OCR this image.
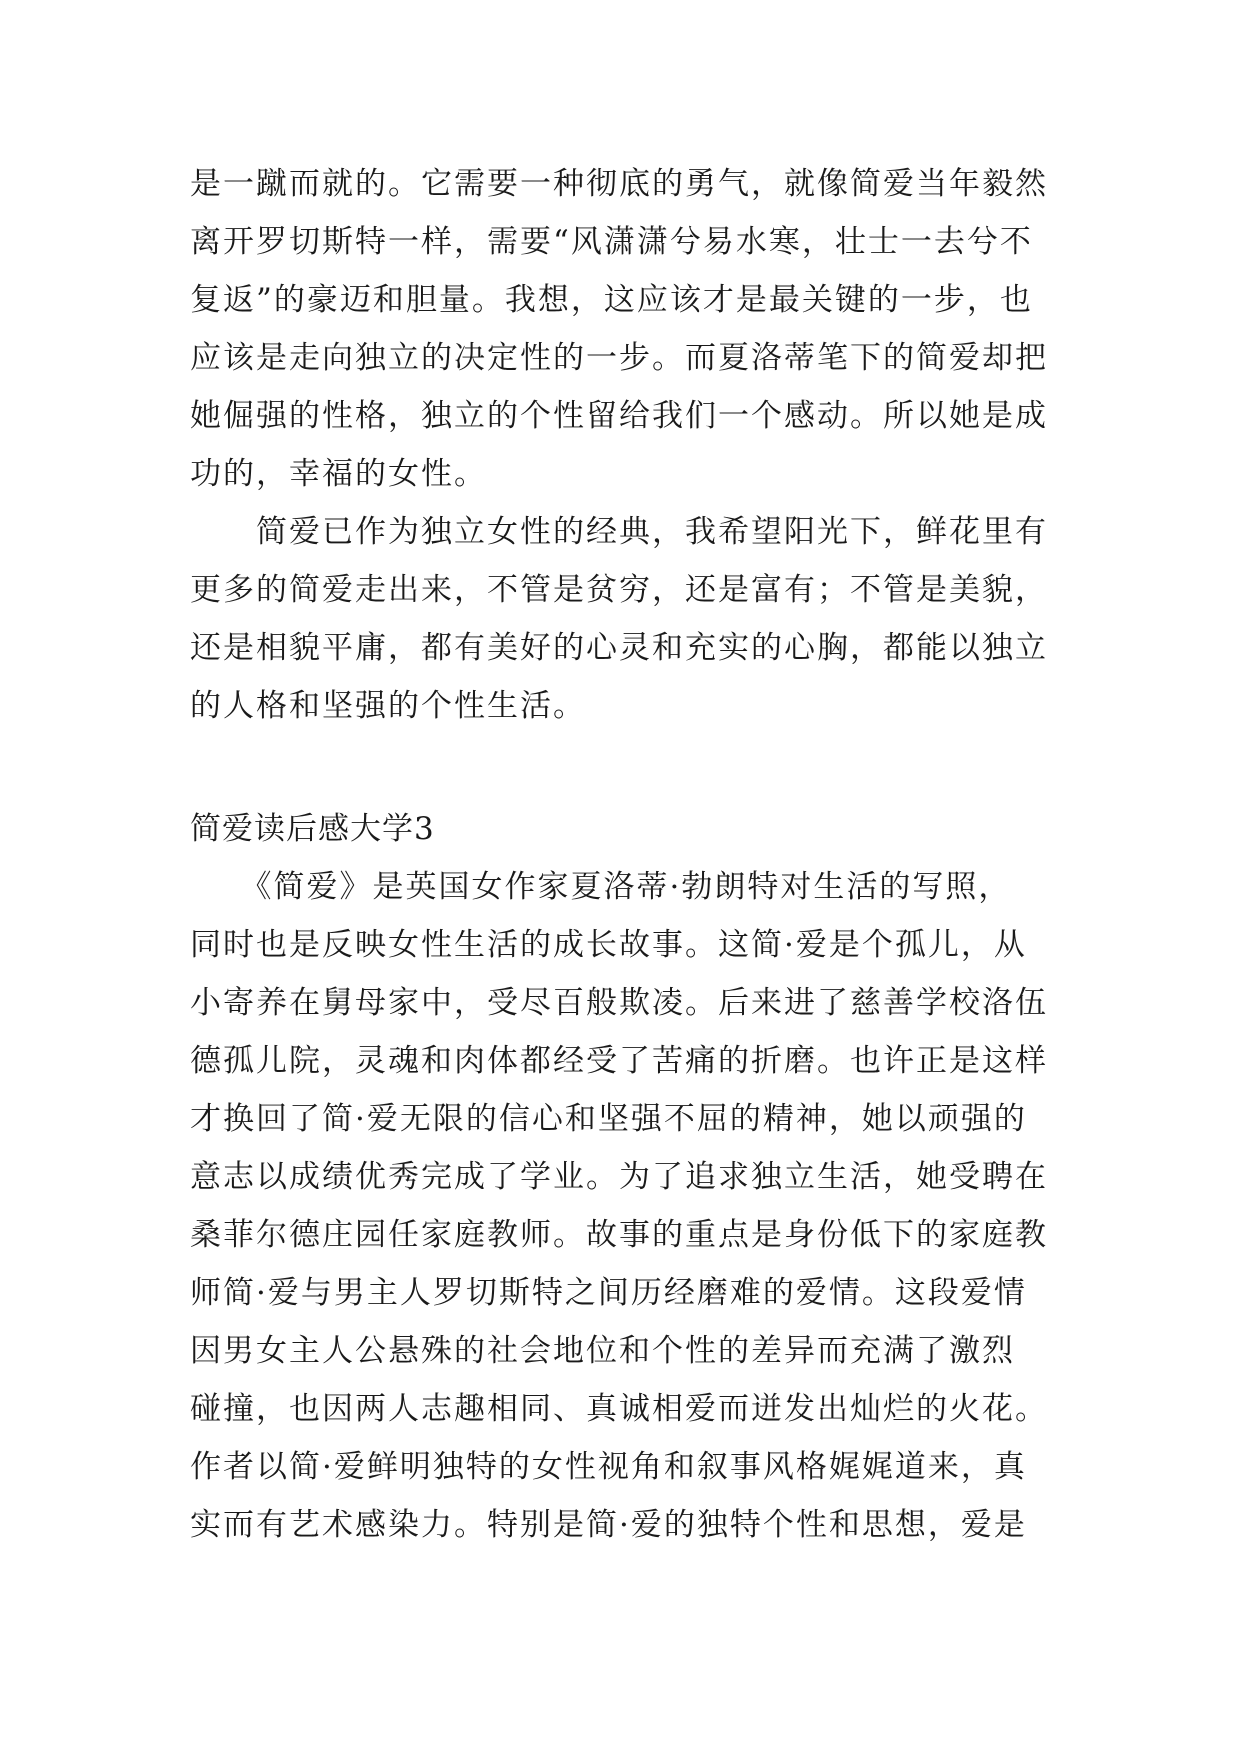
是一蹴而就的。它需要一种彻底的勇气，就像简爱当年毅然
离开罗切斯特一样，需要“风潇潇兮易水寒，壮士一去兮不
复返”的豪迈和胆量。我想，这应该才是最关键的一步，也
应该是走向独立的决定性的一步。而夏洛蒂笔下的简爱却把
她倔强的性格，独立的个性留给我们一个感动。所以她是成
功的，幸福的女性。
　　简爱已作为独立女性的经典，我希望阳光下，鲜花里有
更多的简爱走出来，不管是贫穷，还是富有；不管是美貌，
还是相貌平庸，都有美好的心灵和充实的心胸，都能以独立
的人格和坚强的个性生活。
简爱读后感大学3
　　《简爱》是英国女作家夏洛蒂·勃朗特对生活的写照，
同时也是反映女性生活的成长故事。这简·爱是个孤儿，从
小寄养在舅母家中，受尽百般欺凌。后来进了慈善学校洛伍
德孤儿院，灵魂和肉体都经受了苦痛的折磨。也许正是这样
才换回了简·爱无限的信心和坚强不屈的精神，她以顽强的
意志以成绩优秀完成了学业。为了追求独立生活，她受聘在
桑菲尔德庄园任家庭教师。故事的重点是身份低下的家庭教
师简·爱与男主人罗切斯特之间历经磨难的爱情。这段爱情
因男女主人公悬殊的社会地位和个性的差异而充满了激烈
碰撞，也因两人志趣相同、真诚相爱而迸发出灿烂的火花。
作者以简·爱鲜明独特的女性视角和叙事风格娓娓道来，真
实而有艺术感染力。特别是简·爱的独特个性和思想，爱是
